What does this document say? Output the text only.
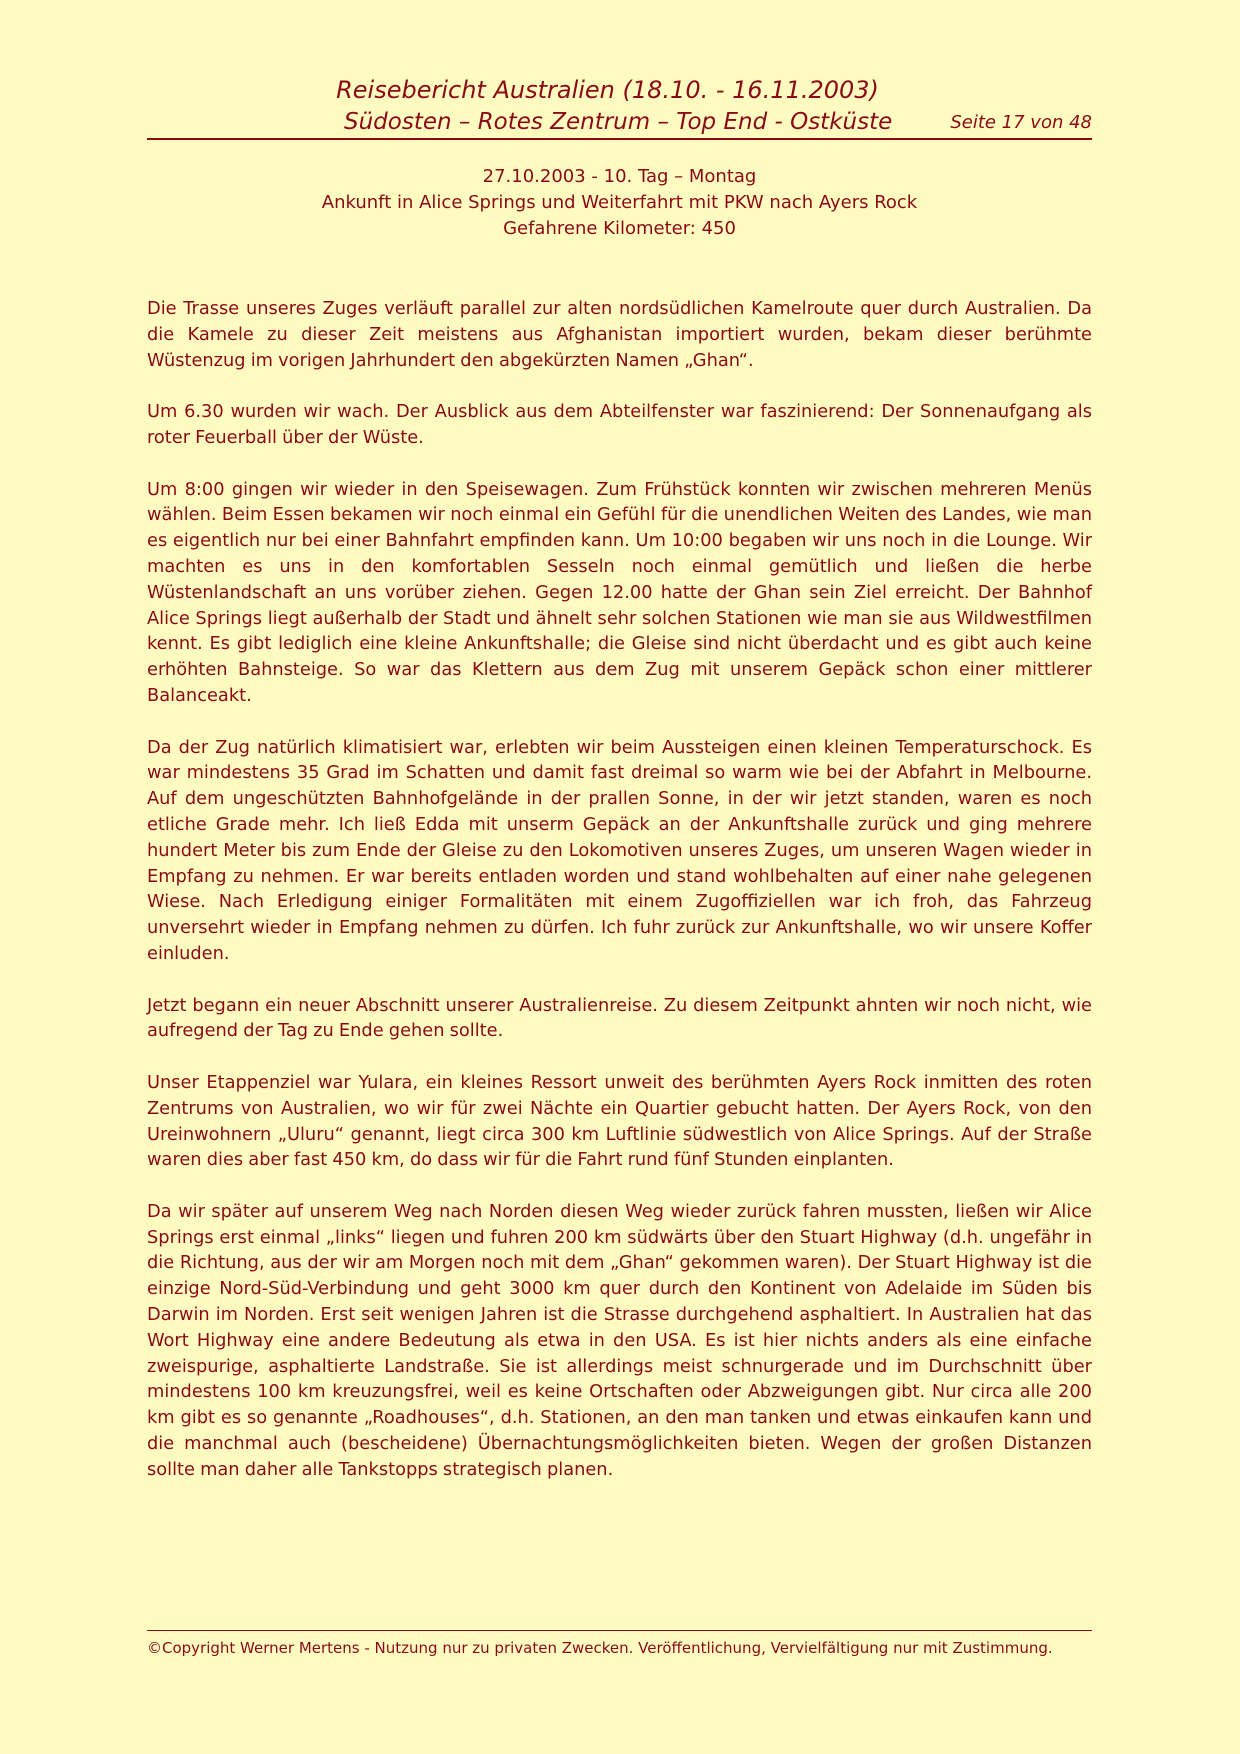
Reisebericht Australien (18.10. - 16.11.2003)
Südosten – Rotes Zentrum – Top End - Ostküste	Seite 17 von 48
27.10.2003 - 10. Tag – Montag
Ankunft in Alice Springs und Weiterfahrt mit PKW nach Ayers Rock
Gefahrene Kilometer: 450

Die Trasse unseres Zuges verläuft parallel zur alten nordsüdlichen Kamelroute quer durch Australien. Da die Kamele zu dieser Zeit meistens aus Afghanistan importiert wurden, bekam dieser berühmte Wüstenzug im vorigen Jahrhundert den abgekürzten Namen „Ghan“.

Um 6.30 wurden wir wach. Der Ausblick aus dem Abteilfenster war faszinierend: Der Sonnenaufgang als roter Feuerball über der Wüste.

Um 8:00 gingen wir wieder in den Speisewagen. Zum Frühstück konnten wir zwischen mehreren Menüs wählen. Beim Essen bekamen wir noch einmal ein Gefühl für die unendlichen Weiten des Landes, wie man es eigentlich nur bei einer Bahnfahrt empfinden kann. Um 10:00 begaben wir uns noch in die Lounge. Wir machten es uns in den komfortablen Sesseln noch einmal gemütlich und ließen die herbe Wüstenlandschaft an uns vorüber ziehen. Gegen 12.00 hatte der Ghan sein Ziel erreicht. Der Bahnhof Alice Springs liegt außerhalb der Stadt und ähnelt sehr solchen Stationen wie man sie aus Wildwestfilmen kennt. Es gibt lediglich eine kleine Ankunftshalle; die Gleise sind nicht überdacht und es gibt auch keine erhöhten Bahnsteige. So war das Klettern aus dem Zug mit unserem Gepäck schon einer mittlerer Balanceakt.

Da der Zug natürlich klimatisiert war, erlebten wir beim Aussteigen einen kleinen Temperaturschock. Es war mindestens 35 Grad im Schatten und damit fast dreimal so warm wie bei der Abfahrt in Melbourne. Auf dem ungeschützten Bahnhofgelände in der prallen Sonne, in der wir jetzt standen, waren es noch etliche Grade mehr. Ich ließ Edda mit unserm Gepäck an der Ankunftshalle zurück und ging mehrere hundert Meter bis zum Ende der Gleise zu den Lokomotiven unseres Zuges, um unseren Wagen wieder in Empfang zu nehmen. Er war bereits entladen worden und stand wohlbehalten auf einer nahe gelegenen Wiese. Nach Erledigung einiger Formalitäten mit einem Zugoffiziellen war ich froh, das Fahrzeug unversehrt wieder in Empfang nehmen zu dürfen. Ich fuhr zurück zur Ankunftshalle, wo wir unsere Koffer einluden.

Jetzt begann ein neuer Abschnitt unserer Australienreise. Zu diesem Zeitpunkt ahnten wir noch nicht, wie aufregend der Tag zu Ende gehen sollte.

Unser Etappenziel war Yulara, ein kleines Ressort unweit des berühmten Ayers Rock inmitten des roten Zentrums von Australien, wo wir für zwei Nächte ein Quartier gebucht hatten. Der Ayers Rock, von den Ureinwohnern „Uluru“ genannt, liegt circa 300 km Luftlinie südwestlich von Alice Springs. Auf der Straße waren dies aber fast 450 km, do dass wir für die Fahrt rund fünf Stunden einplanten.

Da wir später auf unserem Weg nach Norden diesen Weg wieder zurück fahren mussten, ließen wir Alice Springs erst einmal „links“ liegen und fuhren 200 km südwärts über den Stuart Highway (d.h. ungefähr in die Richtung, aus der wir am Morgen noch mit dem „Ghan“ gekommen waren). Der Stuart Highway ist die einzige Nord-Süd-Verbindung und geht 3000 km quer durch den Kontinent von Adelaide im Süden bis Darwin im Norden. Erst seit wenigen Jahren ist die Strasse durchgehend asphaltiert. In Australien hat das Wort Highway eine andere Bedeutung als etwa in den USA. Es ist hier nichts anders als eine einfache zweispurige, asphaltierte Landstraße. Sie ist allerdings meist schnurgerade und im Durchschnitt über mindestens 100 km kreuzungsfrei, weil es keine Ortschaften oder Abzweigungen gibt. Nur circa alle 200 km gibt es so genannte „Roadhouses“, d.h. Stationen, an den man tanken und etwas einkaufen kann und die manchmal auch (bescheidene) Übernachtungsmöglichkeiten bieten. Wegen der großen Distanzen sollte man daher alle Tankstopps strategisch planen.

©Copyright Werner Mertens - Nutzung nur zu privaten Zwecken. Veröffentlichung, Vervielfältigung nur mit Zustimmung.
